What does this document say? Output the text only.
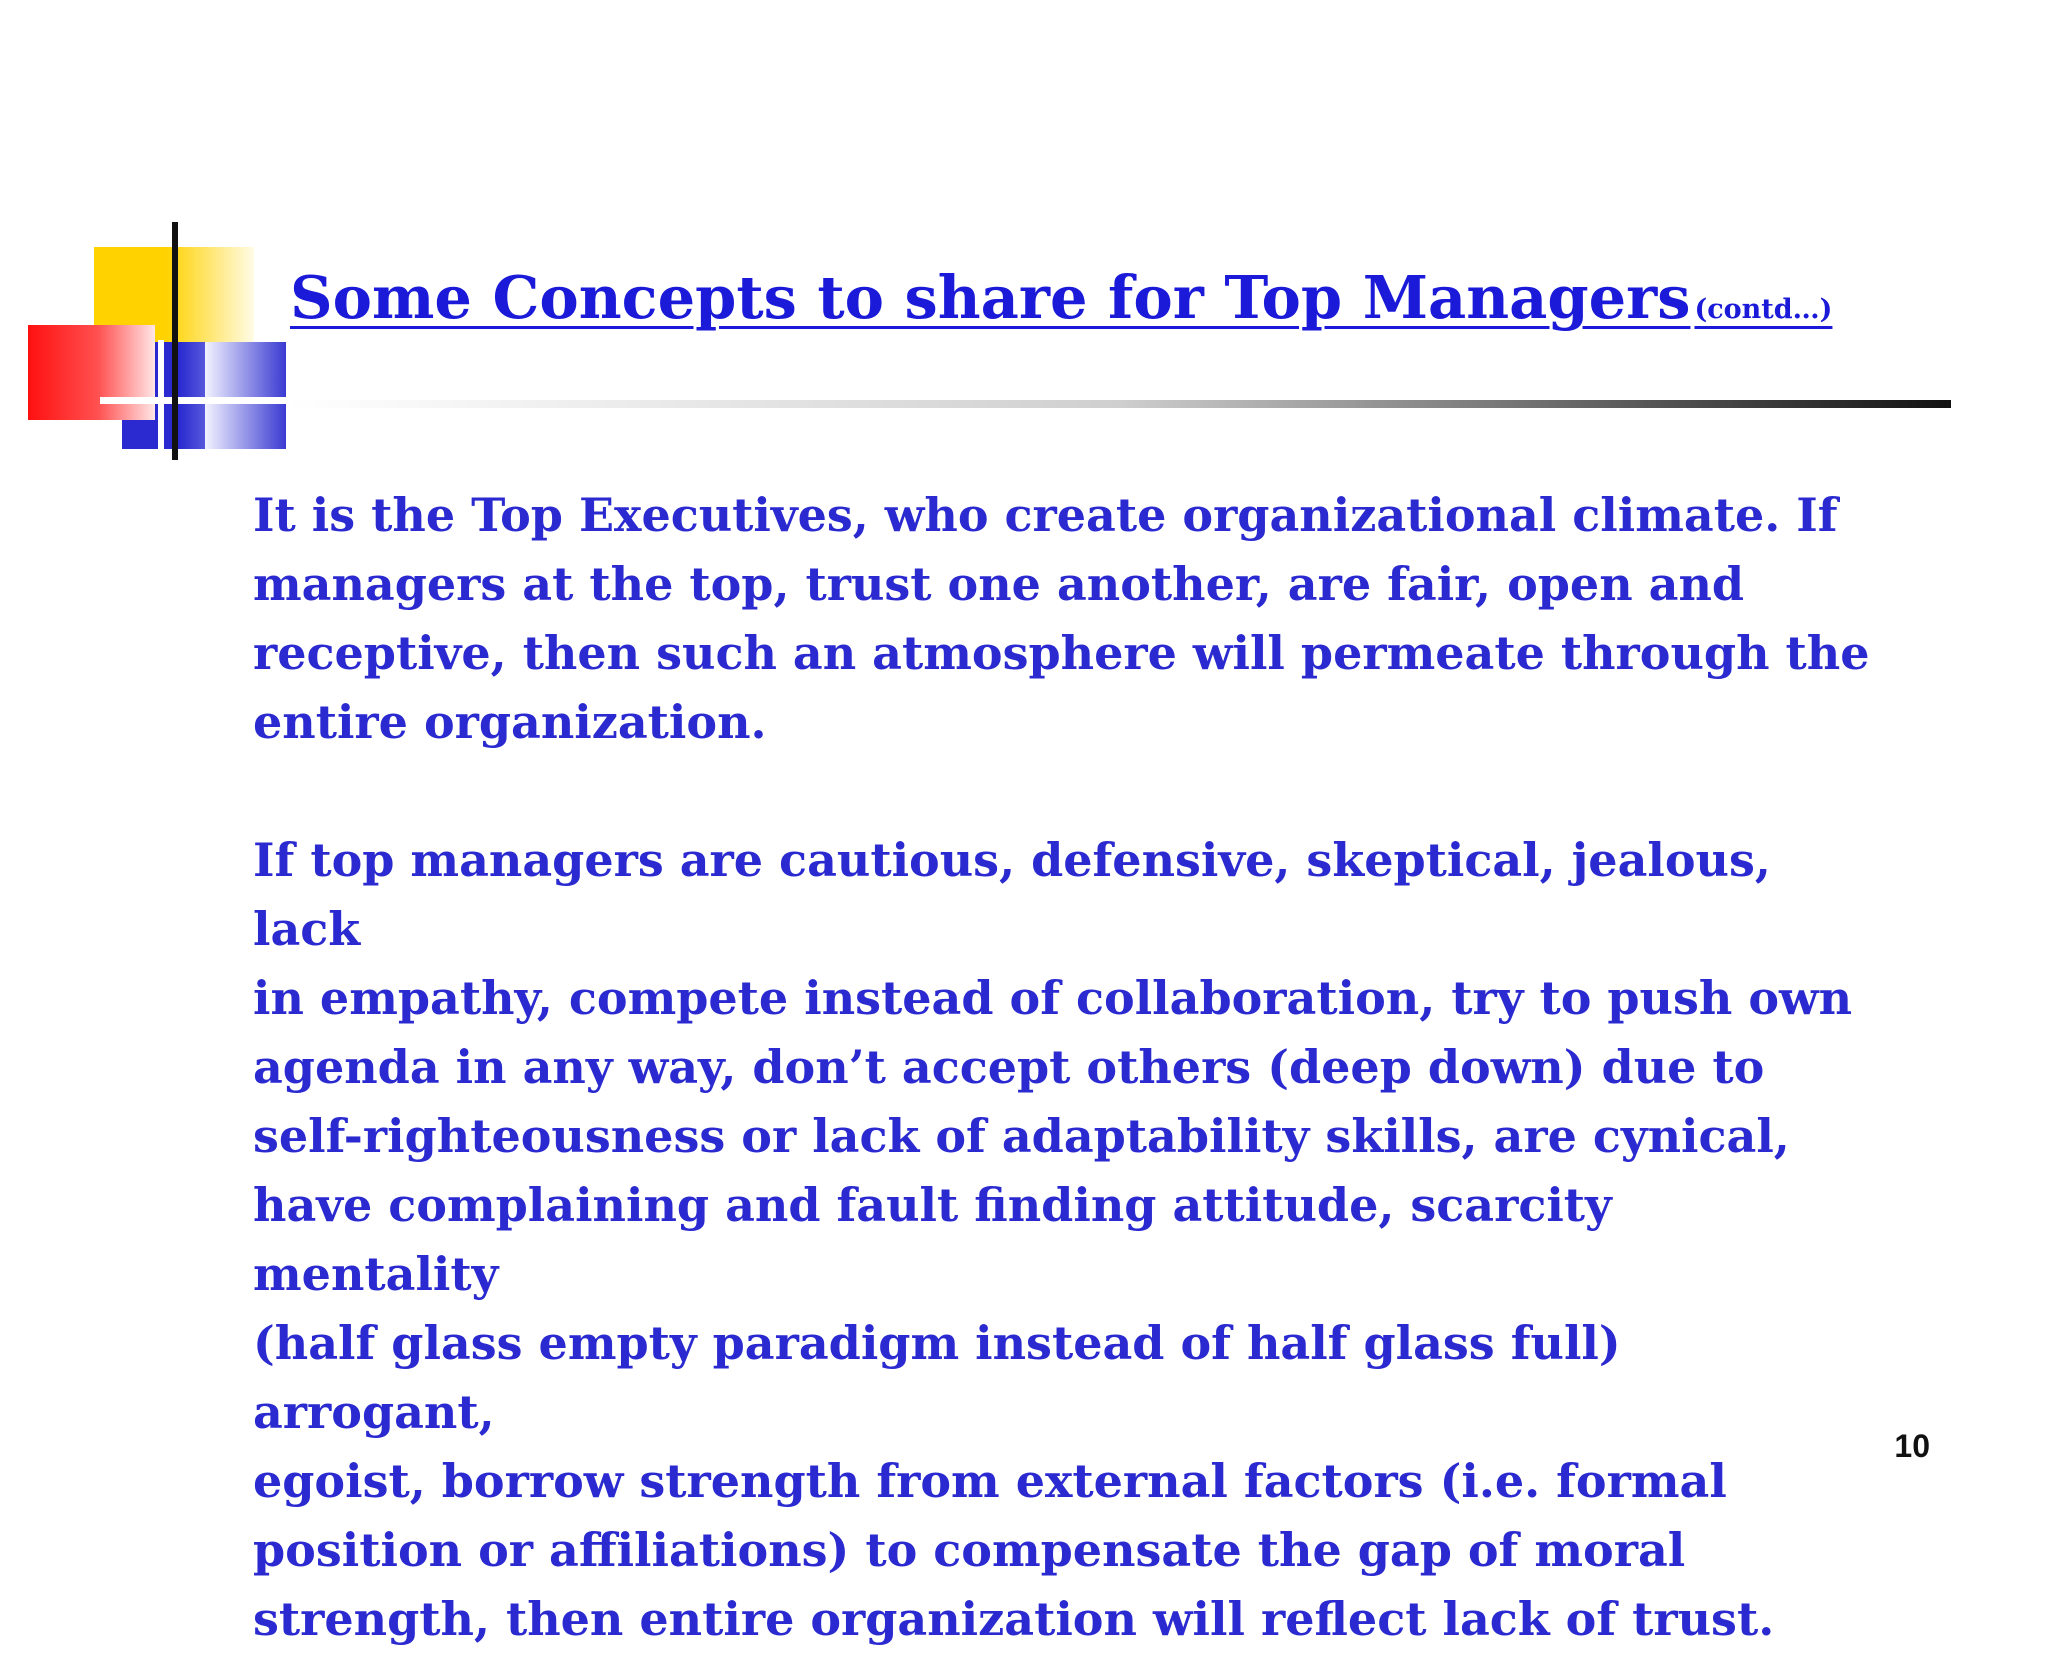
Some Concepts to share for Top Managers (contd…)

It is the Top Executives, who create organizational climate. If
managers at the top, trust one another, are fair, open and
receptive, then such an atmosphere will permeate through the
entire organization.

If top managers are cautious, defensive, skeptical, jealous, lack
in empathy, compete instead of collaboration, try to push own
agenda in any way, don’t accept others (deep down) due to
self-righteousness or lack of adaptability skills, are cynical,
have complaining and fault finding attitude, scarcity mentality
(half glass empty paradigm instead of half glass full) arrogant,
egoist, borrow strength from external factors (i.e. formal
position or affiliations) to compensate the gap of moral
strength, then entire organization will reflect lack of trust.

10
